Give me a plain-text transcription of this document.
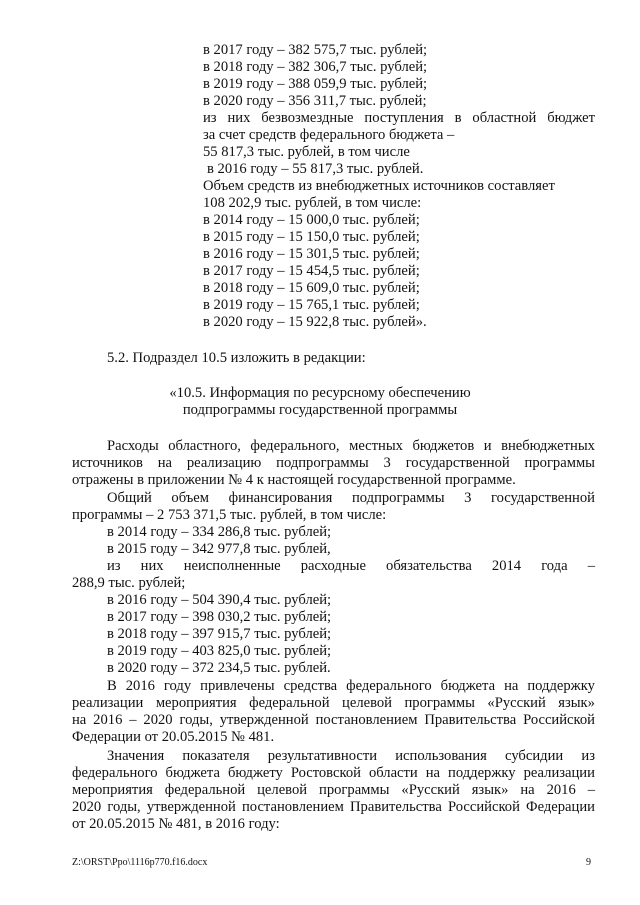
в 2017 году – 382 575,7 тыс. рублей;
в 2018 году – 382 306,7 тыс. рублей;
в 2019 году – 388 059,9 тыс. рублей;
в 2020 году – 356 311,7 тыс. рублей;
из них безвозмездные поступления в областной бюджет
за счет средств федерального бюджета –
55 817,3 тыс. рублей, в том числе
в 2016 году – 55 817,3 тыс. рублей.
Объем средств из внебюджетных источников составляет
108 202,9 тыс. рублей, в том числе:
в 2014 году – 15 000,0 тыс. рублей;
в 2015 году – 15 150,0 тыс. рублей;
в 2016 году – 15 301,5 тыс. рублей;
в 2017 году – 15 454,5 тыс. рублей;
в 2018 году – 15 609,0 тыс. рублей;
в 2019 году – 15 765,1 тыс. рублей;
в 2020 году – 15 922,8 тыс. рублей».
5.2. Подраздел 10.5 изложить в редакции:
«10.5. Информация по ресурсному обеспечению
подпрограммы государственной программы
Расходы областного, федерального, местных бюджетов и внебюджетных
источников на реализацию подпрограммы 3 государственной программы
отражены в приложении № 4 к настоящей государственной программе.
Общий объем финансирования подпрограммы 3 государственной
программы – 2 753 371,5 тыс. рублей, в том числе:
в 2014 году – 334 286,8 тыс. рублей;
в 2015 году – 342 977,8 тыс. рублей,
из них неисполненные расходные обязательства 2014 года –
288,9 тыс. рублей;
в 2016 году – 504 390,4 тыс. рублей;
в 2017 году – 398 030,2 тыс. рублей;
в 2018 году – 397 915,7 тыс. рублей;
в 2019 году – 403 825,0 тыс. рублей;
в 2020 году – 372 234,5 тыс. рублей.
В 2016 году привлечены средства федерального бюджета на поддержку
реализации мероприятия федеральной целевой программы «Русский язык»
на 2016 – 2020 годы, утвержденной постановлением Правительства Российской
Федерации от 20.05.2015 № 481.
Значения показателя результативности использования субсидии из
федерального бюджета бюджету Ростовской области на поддержку реализации
мероприятия федеральной целевой программы «Русский язык» на 2016 –
2020 годы, утвержденной постановлением Правительства Российской Федерации
от 20.05.2015 № 481, в 2016 году:
Z:\ORST\Ppo\1116p770.f16.docx	9
